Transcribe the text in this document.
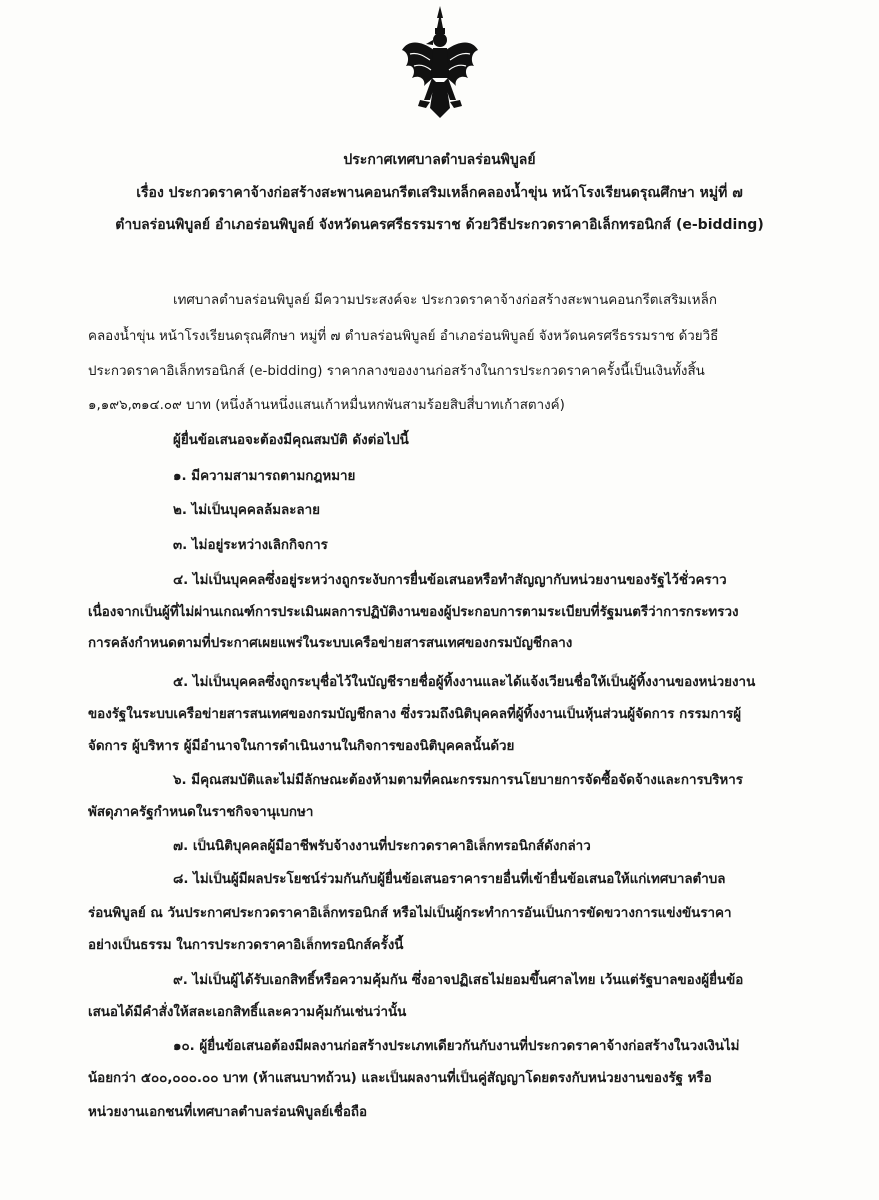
ประกาศเทศบาลตำบลร่อนพิบูลย์
เรื่อง ประกวดราคาจ้างก่อสร้างสะพานคอนกรีตเสริมเหล็กคลองน้ำขุ่น หน้าโรงเรียนดรุณศึกษา หมู่ที่ ๗
ตำบลร่อนพิบูลย์ อำเภอร่อนพิบูลย์ จังหวัดนครศรีธรรมราช ด้วยวิธีประกวดราคาอิเล็กทรอนิกส์ (e-bidding)
เทศบาลตำบลร่อนพิบูลย์ มีความประสงค์จะ ประกวดราคาจ้างก่อสร้างสะพานคอนกรีตเสริมเหล็ก
คลองน้ำขุ่น หน้าโรงเรียนดรุณศึกษา หมู่ที่ ๗ ตำบลร่อนพิบูลย์ อำเภอร่อนพิบูลย์ จังหวัดนครศรีธรรมราช ด้วยวิธี
ประกวดราคาอิเล็กทรอนิกส์ (e-bidding) ราคากลางของงานก่อสร้างในการประกวดราคาครั้งนี้เป็นเงินทั้งสิ้น
๑,๑๙๖,๓๑๔.๐๙ บาท (หนึ่งล้านหนึ่งแสนเก้าหมื่นหกพันสามร้อยสิบสี่บาทเก้าสตางค์)
ผู้ยื่นข้อเสนอจะต้องมีคุณสมบัติ ดังต่อไปนี้
๑. มีความสามารถตามกฎหมาย
๒. ไม่เป็นบุคคลล้มละลาย
๓. ไม่อยู่ระหว่างเลิกกิจการ
๔. ไม่เป็นบุคคลซึ่งอยู่ระหว่างถูกระงับการยื่นข้อเสนอหรือทำสัญญากับหน่วยงานของรัฐไว้ชั่วคราว
เนื่องจากเป็นผู้ที่ไม่ผ่านเกณฑ์การประเมินผลการปฏิบัติงานของผู้ประกอบการตามระเบียบที่รัฐมนตรีว่าการกระทรวง
การคลังกำหนดตามที่ประกาศเผยแพร่ในระบบเครือข่ายสารสนเทศของกรมบัญชีกลาง
๕. ไม่เป็นบุคคลซึ่งถูกระบุชื่อไว้ในบัญชีรายชื่อผู้ทิ้งงานและได้แจ้งเวียนชื่อให้เป็นผู้ทิ้งงานของหน่วยงาน
ของรัฐในระบบเครือข่ายสารสนเทศของกรมบัญชีกลาง ซึ่งรวมถึงนิติบุคคลที่ผู้ทิ้งงานเป็นหุ้นส่วนผู้จัดการ กรรมการผู้
จัดการ ผู้บริหาร ผู้มีอำนาจในการดำเนินงานในกิจการของนิติบุคคลนั้นด้วย
๖. มีคุณสมบัติและไม่มีลักษณะต้องห้ามตามที่คณะกรรมการนโยบายการจัดซื้อจัดจ้างและการบริหาร
พัสดุภาครัฐกำหนดในราชกิจจานุเบกษา
๗. เป็นนิติบุคคลผู้มีอาชีพรับจ้างงานที่ประกวดราคาอิเล็กทรอนิกส์ดังกล่าว
๘. ไม่เป็นผู้มีผลประโยชน์ร่วมกันกับผู้ยื่นข้อเสนอราคารายอื่นที่เข้ายื่นข้อเสนอให้แก่เทศบาลตำบล
ร่อนพิบูลย์ ณ วันประกาศประกวดราคาอิเล็กทรอนิกส์ หรือไม่เป็นผู้กระทำการอันเป็นการขัดขวางการแข่งขันราคา
อย่างเป็นธรรม ในการประกวดราคาอิเล็กทรอนิกส์ครั้งนี้
๙. ไม่เป็นผู้ได้รับเอกสิทธิ์หรือความคุ้มกัน ซึ่งอาจปฏิเสธไม่ยอมขึ้นศาลไทย เว้นแต่รัฐบาลของผู้ยื่นข้อ
เสนอได้มีคำสั่งให้สละเอกสิทธิ์และความคุ้มกันเช่นว่านั้น
๑๐. ผู้ยื่นข้อเสนอต้องมีผลงานก่อสร้างประเภทเดียวกันกับงานที่ประกวดราคาจ้างก่อสร้างในวงเงินไม่
น้อยกว่า ๕๐๐,๐๐๐.๐๐ บาท (ห้าแสนบาทถ้วน) และเป็นผลงานที่เป็นคู่สัญญาโดยตรงกับหน่วยงานของรัฐ หรือ
หน่วยงานเอกชนที่เทศบาลตำบลร่อนพิบูลย์เชื่อถือ
